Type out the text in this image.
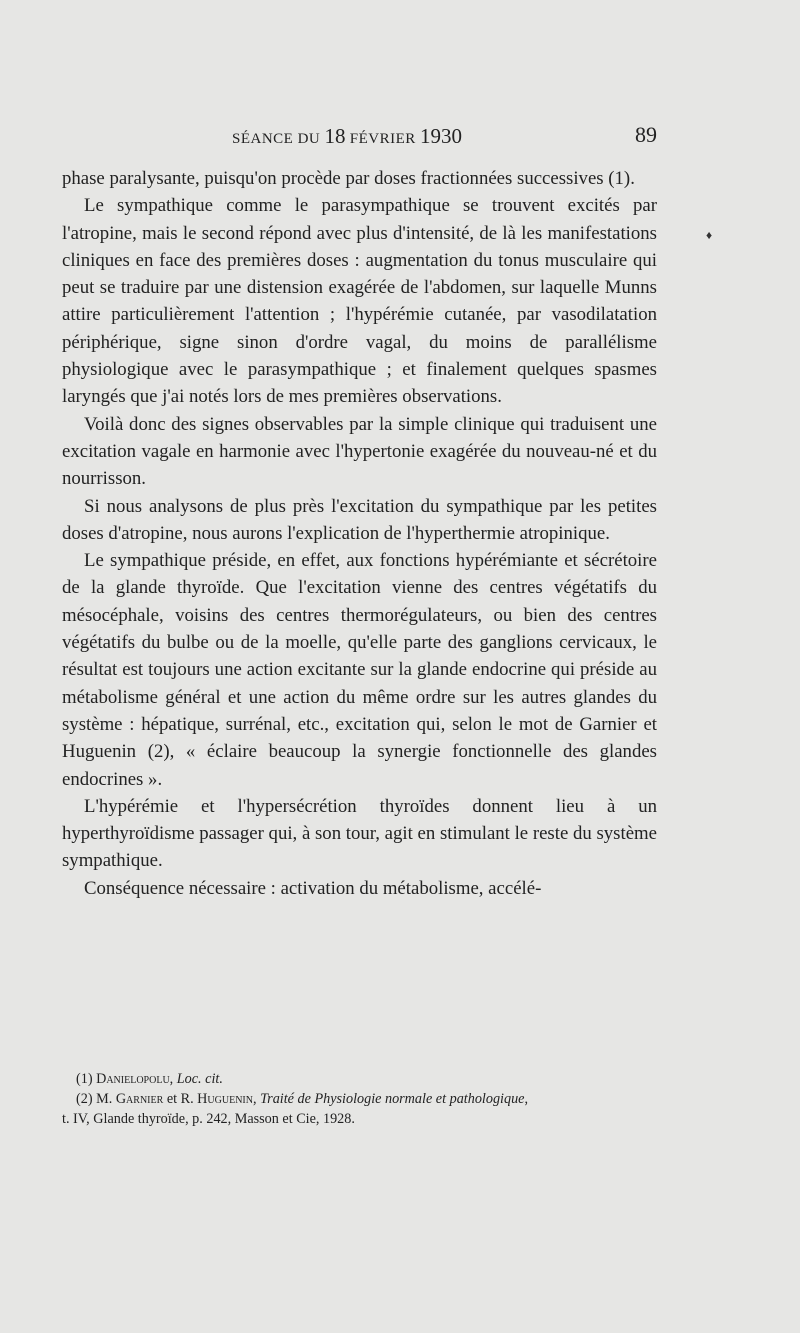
SÉANCE DU 18 FÉVRIER 1930	89
♦

phase paralysante, puisqu'on procède par doses fractionnées successives (1).

Le sympathique comme le parasympathique se trouvent excités par l'atropine, mais le second répond avec plus d'intensité, de là les manifestations cliniques en face des premières doses : augmentation du tonus musculaire qui peut se traduire par une distension exagérée de l'abdomen, sur laquelle Munns attire particulièrement l'attention ; l'hypérémie cutanée, par vasodilatation périphérique, signe sinon d'ordre vagal, du moins de parallélisme physiologique avec le parasympathique ; et finalement quelques spasmes laryngés que j'ai notés lors de mes premières observations.

Voilà donc des signes observables par la simple clinique qui traduisent une excitation vagale en harmonie avec l'hypertonie exagérée du nouveau-né et du nourrisson.

Si nous analysons de plus près l'excitation du sympathique par les petites doses d'atropine, nous aurons l'explication de l'hyperthermie atropinique.

Le sympathique préside, en effet, aux fonctions hypérémiante et sécrétoire de la glande thyroïde. Que l'excitation vienne des centres végétatifs du mésocéphale, voisins des centres thermorégulateurs, ou bien des centres végétatifs du bulbe ou de la moelle, qu'elle parte des ganglions cervicaux, le résultat est toujours une action excitante sur la glande endocrine qui préside au métabolisme général et une action du même ordre sur les autres glandes du système : hépatique, surrénal, etc., excitation qui, selon le mot de Garnier et Huguenin (2), « éclaire beaucoup la synergie fonctionnelle des glandes endocrines ».

L'hypérémie et l'hypersécrétion thyroïdes donnent lieu à un hyperthyroïdisme passager qui, à son tour, agit en stimulant le reste du système sympathique.

Conséquence nécessaire : activation du métabolisme, accélé-

(1) Danielopolu, Loc. cit.

(2) M. Garnier et R. Huguenin, Traité de Physiologie normale et pathologique,

t. IV, Glande thyroïde, p. 242, Masson et Cie, 1928.
